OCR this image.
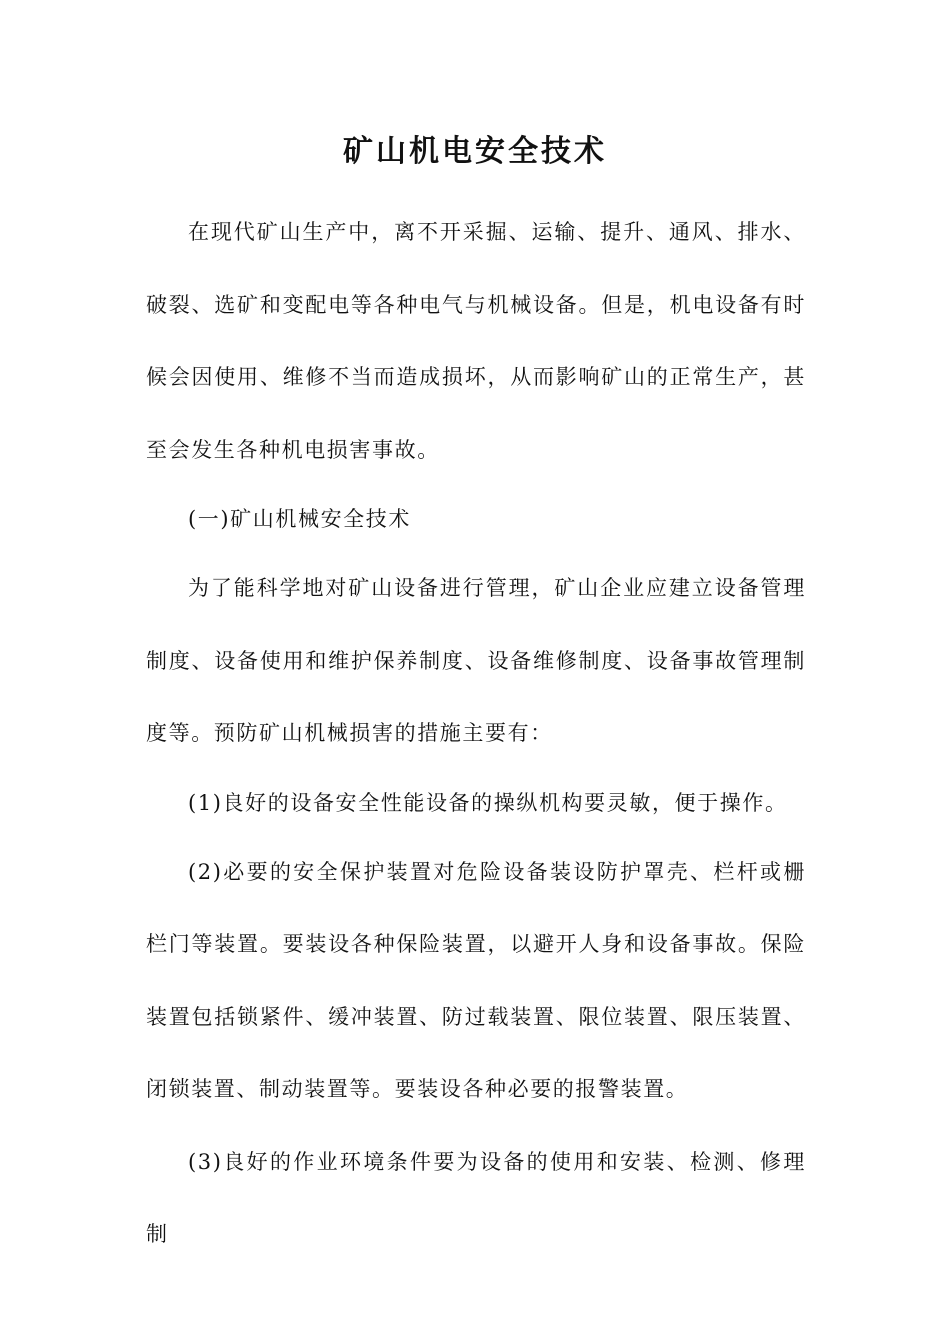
矿山机电安全技术

在现代矿山生产中，离不开采掘、运输、提升、通风、排水、破裂、选矿和变配电等各种电气与机械设备。但是，机电设备有时候会因使用、维修不当而造成损坏，从而影响矿山的正常生产，甚至会发生各种机电损害事故。

(一)矿山机械安全技术

为了能科学地对矿山设备进行管理，矿山企业应建立设备管理制度、设备使用和维护保养制度、设备维修制度、设备事故管理制度等。预防矿山机械损害的措施主要有：

(1)良好的设备安全性能设备的操纵机构要灵敏，便于操作。

(2)必要的安全保护装置对危险设备装设防护罩壳、栏杆或栅栏门等装置。要装设各种保险装置，以避开人身和设备事故。保险装置包括锁紧件、缓冲装置、防过载装置、限位装置、限压装置、闭锁装置、制动装置等。要装设各种必要的报警装置。

(3)良好的作业环境条件要为设备的使用和安装、检测、修理制
